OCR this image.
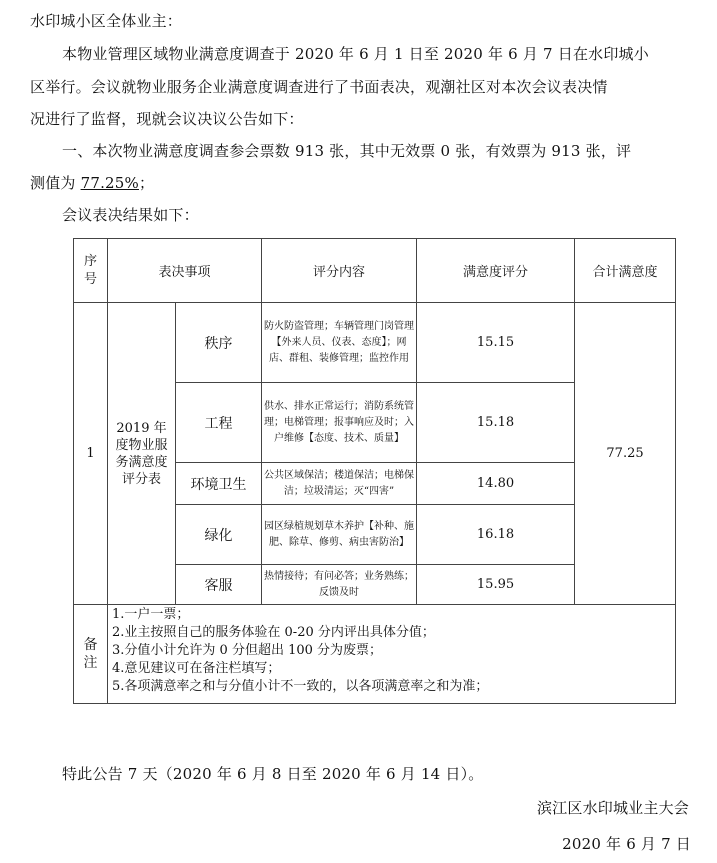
水印城小区全体业主：
本物业管理区域物业满意度调查于 2020 年 6 月 1 日至 2020 年 6 月 7 日在水印城小
区举行。会议就物业服务企业满意度调查进行了书面表决，观潮社区对本次会议表决情
况进行了监督，现就会议决议公告如下：
一、本次物业满意度调查参会票数 913 张，其中无效票 0 张，有效票为 913 张，评
测值为 77.25%；
会议表决结果如下：
序号	表决事项		评分内容	满意度评分	合计满意度
1	2019 年度物业服务满意度评分表	秩序	防火防盗管理；车辆管理门岗管理【外来人员、仪表、态度】；网店、群租、装修管理；监控作用	15.15	77.25
		工程	供水、排水正常运行；消防系统管理；电梯管理；报事响应及时；入户维修【态度、技术、质量】	15.18	
		环境卫生	公共区域保洁；楼道保洁；电梯保洁；垃圾清运；灭“四害”	14.80	
		绿化	园区绿植规划草木养护【补种、施肥、除草、修剪、病虫害防治】	16.18	
		客服	热情接待；有问必答；业务熟练；反馈及时	15.95	
备注	1.一户一票；
2.业主按照自己的服务体验在 0-20 分内评出具体分值；
3.分值小计允许为 0 分但超出 100 分为废票；
4.意见建议可在备注栏填写；
5.各项满意率之和与分值小计不一致的，以各项满意率之和为准；				
特此公告 7 天（2020 年 6 月 8 日至 2020 年 6 月 14 日）。
滨江区水印城业主大会
2020 年 6 月 7 日
